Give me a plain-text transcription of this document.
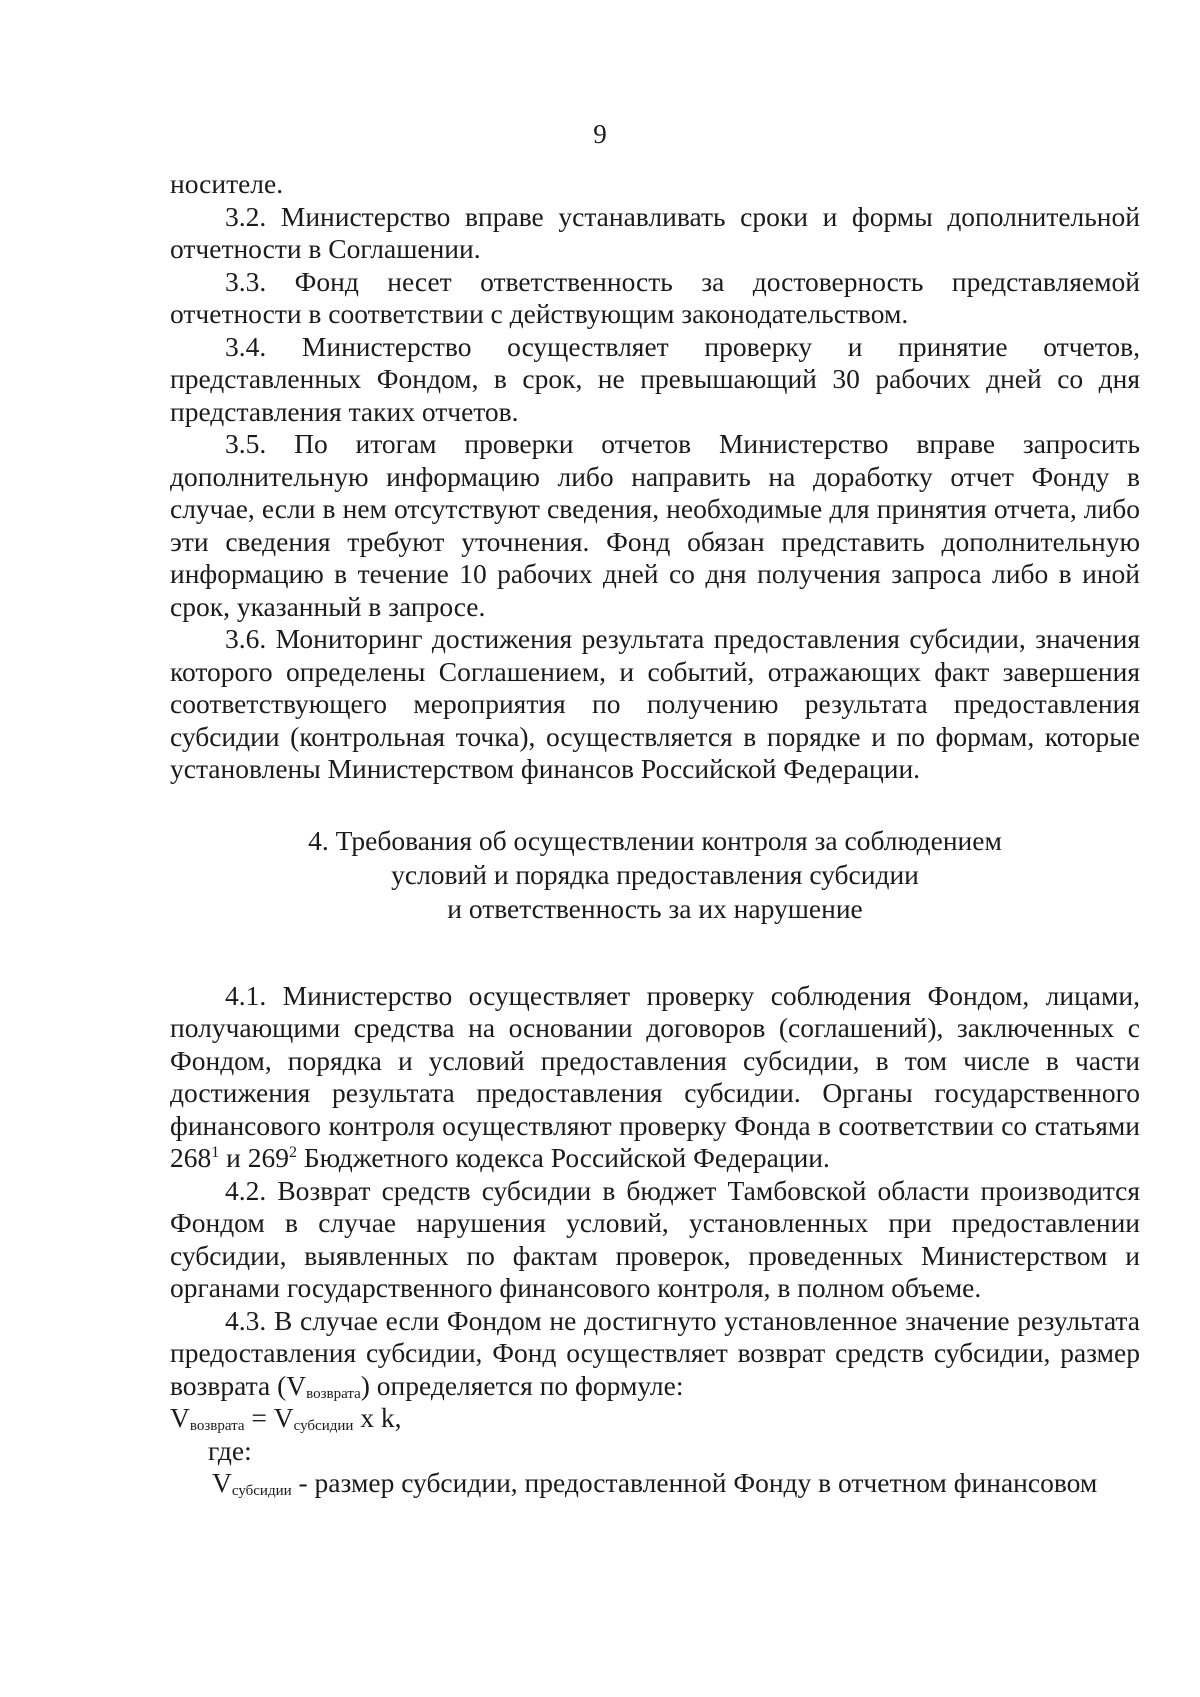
9

носителе.

3.2. Министерство вправе устанавливать сроки и формы дополнительной отчетности в Соглашении.

3.3. Фонд несет ответственность за достоверность представляемой отчетности в соответствии с действующим законодательством.

3.4. Министерство осуществляет проверку и принятие отчетов, представленных Фондом, в срок, не превышающий 30 рабочих дней со дня представления таких отчетов.

3.5. По итогам проверки отчетов Министерство вправе запросить дополнительную информацию либо направить на доработку отчет Фонду в случае, если в нем отсутствуют сведения, необходимые для принятия отчета, либо эти сведения требуют уточнения. Фонд обязан представить дополнительную информацию в течение 10 рабочих дней со дня получения запроса либо в иной срок, указанный в запросе.

3.6. Мониторинг достижения результата предоставления субсидии, значения которого определены Соглашением, и событий, отражающих факт завершения соответствующего мероприятия по получению результата предоставления субсидии (контрольная точка), осуществляется в порядке и по формам, которые установлены Министерством финансов Российской Федерации.

4. Требования об осуществлении контроля за соблюдением
условий и порядка предоставления субсидии
и ответственность за их нарушение

4.1. Министерство осуществляет проверку соблюдения Фондом, лицами, получающими средства на основании договоров (соглашений), заключенных с Фондом, порядка и условий предоставления субсидии, в том числе в части достижения результата предоставления субсидии. Органы государственного финансового контроля осуществляют проверку Фонда в соответствии со статьями $268^1$ и $269^2$ Бюджетного кодекса Российской Федерации.

4.2. Возврат средств субсидии в бюджет Тамбовской области производится Фондом в случае нарушения условий, установленных при предоставлении субсидии, выявленных по фактам проверок, проведенных Министерством и органами государственного финансового контроля, в полном объеме.

4.3. В случае если Фондом не достигнуто установленное значение результата предоставления субсидии, Фонд осуществляет возврат средств субсидии, размер возврата $(V_{возврата})$ определяется по формуле:

$V_{возврата} = V_{субсидии}$ x k,

где:

$V_{субсидии}$ - размер субсидии, предоставленной Фонду в отчетном финансовом
